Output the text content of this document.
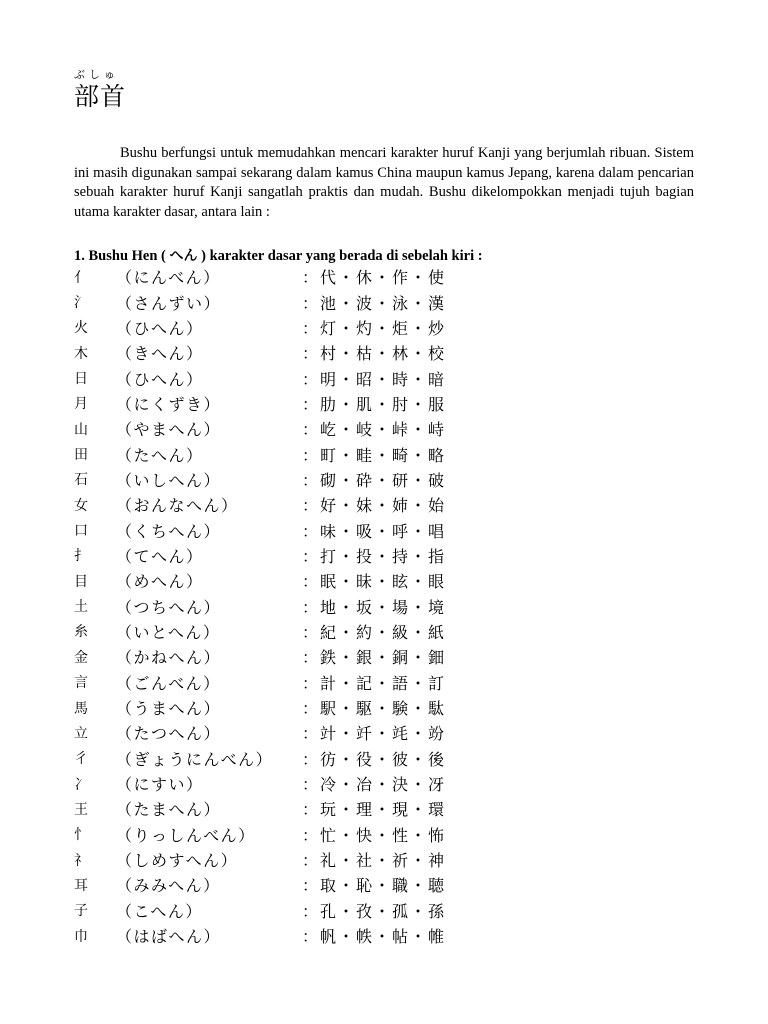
ぶしゅ
部首

Bushu berfungsi untuk memudahkan mencari karakter huruf Kanji yang berjumlah ribuan. Sistem ini masih digunakan sampai sekarang dalam kamus China maupun kamus Jepang, karena dalam pencarian sebuah karakter huruf Kanji sangatlah praktis dan mudah. Bushu dikelompokkan menjadi tujuh bagian utama karakter dasar, antara lain :

1. Bushu Hen ( へん ) karakter dasar yang berada di sebelah kiri :
亻	（にんべん）	： 代・休・作・使
氵	（さんずい）	： 池・波・泳・漢
火	（ひへん）	： 灯・灼・炬・炒
木	（きへん）	： 村・枯・林・校
日	（ひへん）	： 明・昭・時・暗
月	（にくずき）	： 肋・肌・肘・服
山	（やまへん）	： 屹・岐・峠・峙
田	（たへん）	： 町・畦・畸・略
石	（いしへん）	： 砌・砕・研・破
女	（おんなへん）	： 好・妹・姉・始
口	（くちへん）	： 味・吸・呼・唱
扌	（てへん）	： 打・投・持・指
目	（めへん）	： 眠・昧・眩・眼
土	（つちへん）	： 地・坂・場・境
糸	（いとへん）	： 紀・約・級・紙
金	（かねへん）	： 鉄・銀・銅・鈿
言	（ごんべん）	： 計・記・語・訂
馬	（うまへん）	： 駅・駆・験・駄
立	（たつへん）	： 竍・竏・竓・竕
彳	（ぎょうにんべん）	： 彷・役・彼・後
冫	（にすい）	： 冷・冶・決・冴
王	（たまへん）	： 玩・理・現・環
忄	（りっしんべん）	： 忙・快・性・怖
礻	（しめすへん）	： 礼・社・祈・神
耳	（みみへん）	： 取・恥・職・聴
子	（こへん）	： 孔・孜・孤・孫
巾	（はばへん）	： 帆・帙・帖・帷
